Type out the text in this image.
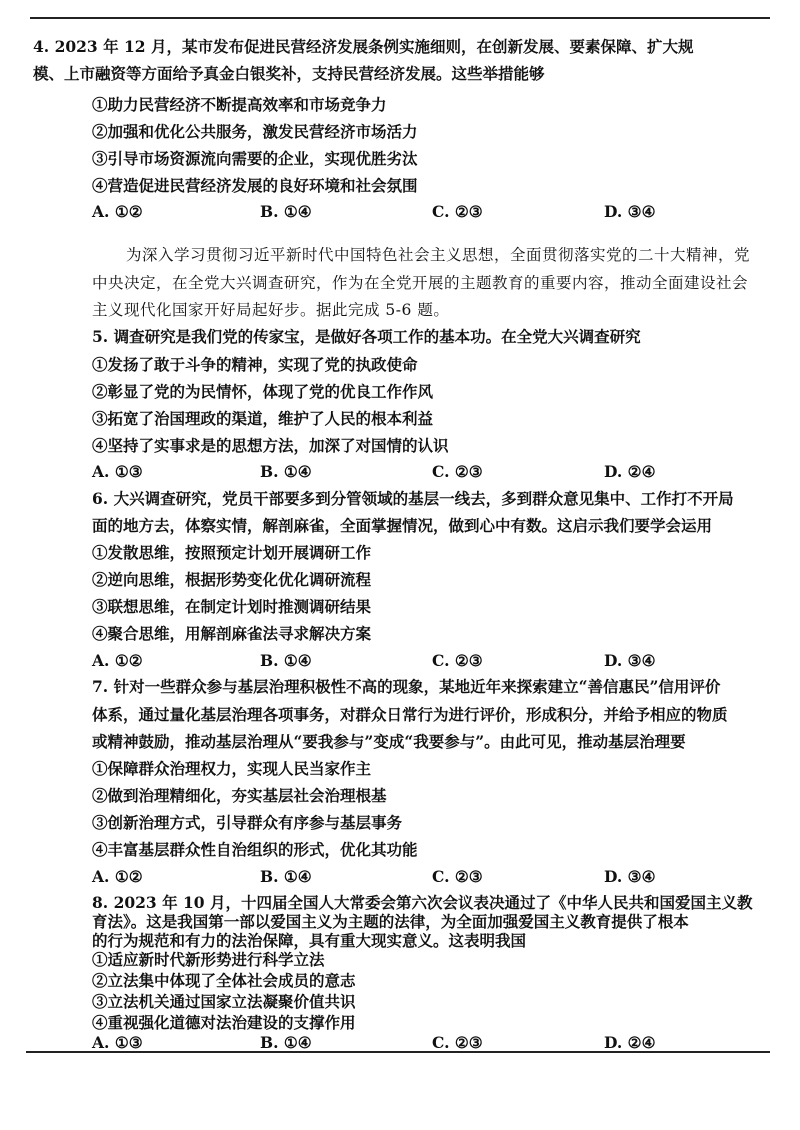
4. 2023 年 12 月，某市发布促进民营经济发展条例实施细则，在创新发展、要素保障、扩大规
模、上市融资等方面给予真金白银奖补，支持民营经济发展。这些举措能够
①助力民营经济不断提高效率和市场竞争力
②加强和优化公共服务，激发民营经济市场活力
③引导市场资源流向需要的企业，实现优胜劣汰
④营造促进民营经济发展的良好环境和社会氛围
A. ①②	B. ①④	C. ②③	D. ③④
为深入学习贯彻习近平新时代中国特色社会主义思想，全面贯彻落实党的二十大精神，党
中央决定，在全党大兴调查研究，作为在全党开展的主题教育的重要内容，推动全面建设社会
主义现代化国家开好局起好步。据此完成 5-6 题。
5. 调查研究是我们党的传家宝，是做好各项工作的基本功。在全党大兴调查研究
①发扬了敢于斗争的精神，实现了党的执政使命
②彰显了党的为民情怀，体现了党的优良工作作风
③拓宽了治国理政的渠道，维护了人民的根本利益
④坚持了实事求是的思想方法，加深了对国情的认识
A. ①③	B. ①④	C. ②③	D. ②④
6. 大兴调查研究，党员干部要多到分管领域的基层一线去，多到群众意见集中、工作打不开局
面的地方去，体察实情，解剖麻雀，全面掌握情况，做到心中有数。这启示我们要学会运用
①发散思维，按照预定计划开展调研工作
②逆向思维，根据形势变化优化调研流程
③联想思维，在制定计划时推测调研结果
④聚合思维，用解剖麻雀法寻求解决方案
A. ①②	B. ①④	C. ②③	D. ③④
7. 针对一些群众参与基层治理积极性不高的现象，某地近年来探索建立“善信惠民”信用评价
体系，通过量化基层治理各项事务，对群众日常行为进行评价，形成积分，并给予相应的物质
或精神鼓励，推动基层治理从“要我参与”变成“我要参与”。由此可见，推动基层治理要
①保障群众治理权力，实现人民当家作主
②做到治理精细化，夯实基层社会治理根基
③创新治理方式，引导群众有序参与基层事务
④丰富基层群众性自治组织的形式，优化其功能
A. ①②	B. ①④	C. ②③	D. ③④
8. 2023 年 10 月，十四届全国人大常委会第六次会议表决通过了《中华人民共和国爱国主义教
育法》。这是我国第一部以爱国主义为主题的法律，为全面加强爱国主义教育提供了根本
的行为规范和有力的法治保障，具有重大现实意义。这表明我国
①适应新时代新形势进行科学立法
②立法集中体现了全体社会成员的意志
③立法机关通过国家立法凝聚价值共识
④重视强化道德对法治建设的支撑作用
A. ①③	B. ①④	C. ②③	D. ②④
